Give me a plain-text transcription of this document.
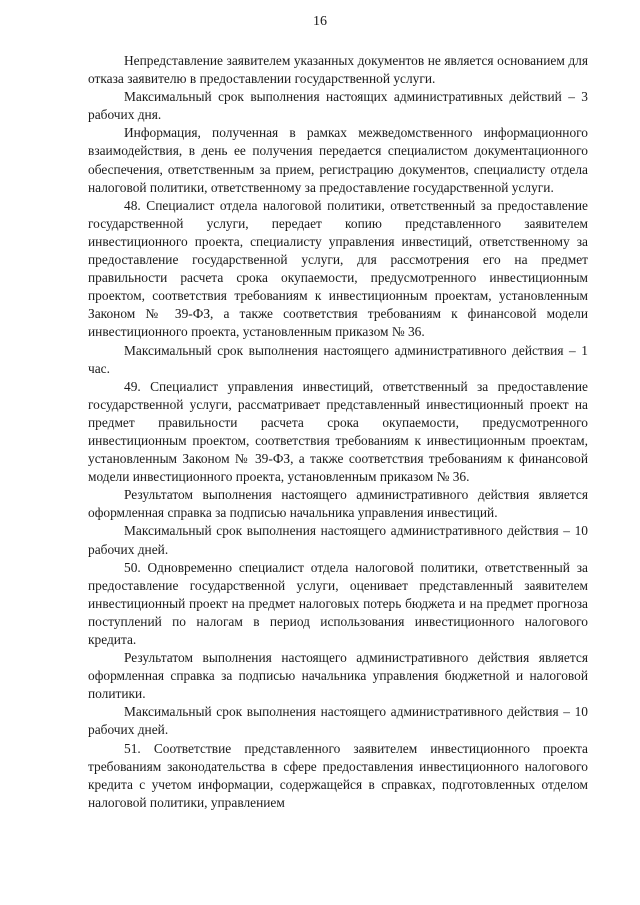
16

Непредставление заявителем указанных документов не является основанием для отказа заявителю в предоставлении государственной услуги.

Максимальный срок выполнения настоящих административных действий – 3 рабочих дня.

Информация, полученная в рамках межведомственного информационного взаимодействия, в день ее получения передается специалистом документационного обеспечения, ответственным за прием, регистрацию документов, специалисту отдела налоговой политики, ответственному за предоставление государственной услуги.

48. Специалист отдела налоговой политики, ответственный за предоставление государственной услуги, передает копию представленного заявителем инвестиционного проекта, специалисту управления инвестиций, ответственному за предоставление государственной услуги, для рассмотрения его на предмет правильности расчета срока окупаемости, предусмотренного инвестиционным проектом, соответствия требованиям к инвестиционным проектам, установленным Законом № 39-ФЗ, а также соответствия требованиям к финансовой модели инвестиционного проекта, установленным приказом № 36.

Максимальный срок выполнения настоящего административного действия – 1 час.

49. Специалист управления инвестиций, ответственный за предоставление государственной услуги, рассматривает представленный инвестиционный проект на предмет правильности расчета срока окупаемости, предусмотренного инвестиционным проектом, соответствия требованиям к инвестиционным проектам, установленным Законом № 39-ФЗ, а также соответствия требованиям к финансовой модели инвестиционного проекта, установленным приказом № 36.

Результатом выполнения настоящего административного действия является оформленная справка за подписью начальника управления инвестиций.

Максимальный срок выполнения настоящего административного действия – 10 рабочих дней.

50. Одновременно специалист отдела налоговой политики, ответственный за предоставление государственной услуги, оценивает представленный заявителем инвестиционный проект на предмет налоговых потерь бюджета и на предмет прогноза поступлений по налогам в период использования инвестиционного налогового кредита.

Результатом выполнения настоящего административного действия является оформленная справка за подписью начальника управления бюджетной и налоговой политики.

Максимальный срок выполнения настоящего административного действия – 10 рабочих дней.

51. Соответствие представленного заявителем инвестиционного проекта требованиям законодательства в сфере предоставления инвестиционного налогового кредита с учетом информации, содержащейся в справках, подготовленных отделом налоговой политики, управлением
